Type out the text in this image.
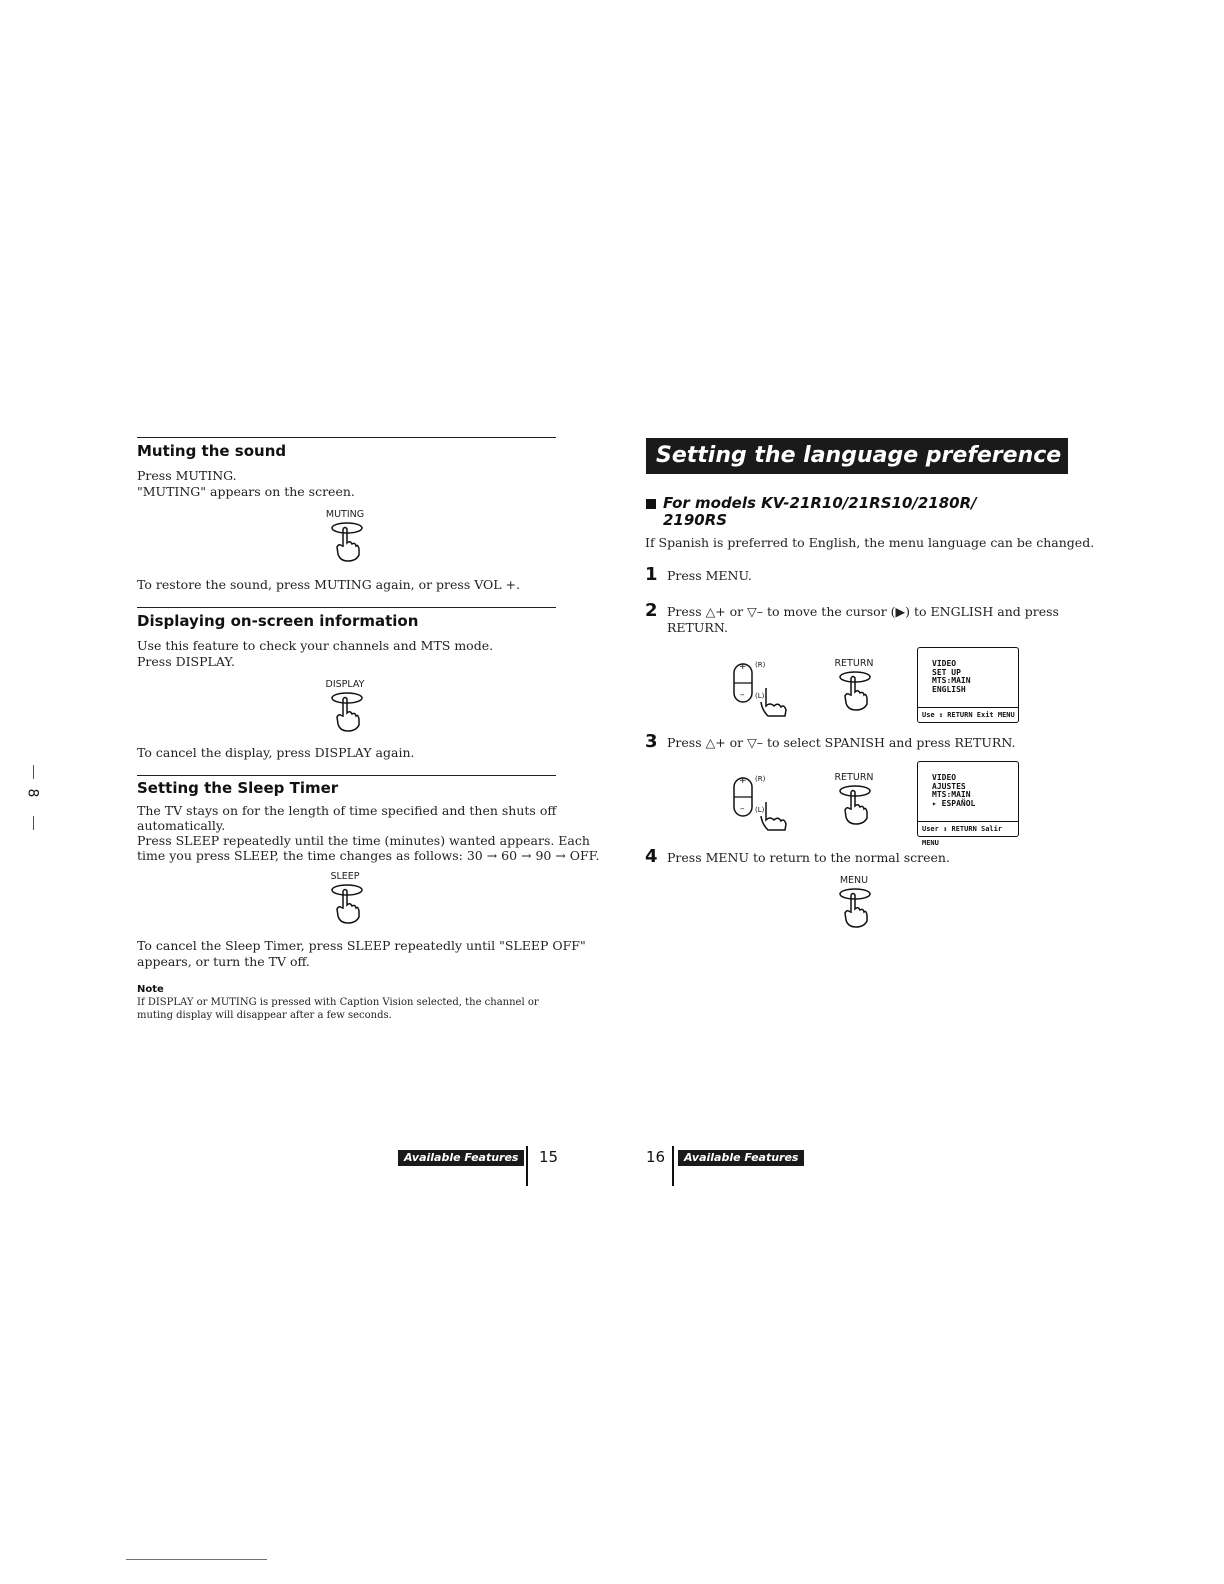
Muting the sound
Press MUTING.
"MUTING" appears on the screen.
MUTING
To restore the sound, press MUTING again, or press VOL +.
Displaying on-screen information
Use this feature to check your channels and MTS mode.
Press DISPLAY.
DISPLAY
To cancel the display, press DISPLAY again.
Setting the Sleep Timer
The TV stays on for the length of time specified and then shuts off
automatically.
Press SLEEP repeatedly until the time (minutes) wanted appears. Each
time you press SLEEP, the time changes as follows: 30 → 60 → 90 → OFF.
SLEEP
To cancel the Sleep Timer, press SLEEP repeatedly until "SLEEP OFF"
appears, or turn the TV off.
Note
If DISPLAY or MUTING is pressed with Caption Vision selected, the channel or
muting display will disappear after a few seconds.
Available Features	15
8
Setting the language preference
For models KV-21R10/21RS10/2180R/
2190RS
If Spanish is preferred to English, the menu language can be changed.
1 Press MENU.
2 Press △+ or ▽– to move the cursor (▶) to ENGLISH and press
RETURN.
+
–
(R)
(L)
RETURN	VIDEO
SET UP
MTS:MAIN
ENGLISH
Use ↕ RETURN Exit MENU
3 Press △+ or ▽– to select SPANISH and press RETURN.
+
–
(R)
(L)
RETURN	VIDEO
AJUSTES
MTS:MAIN
▸ ESPAÑOL
User ↕ RETURN Salir MENU
4 Press MENU to return to the normal screen.
MENU
16	Available Features
